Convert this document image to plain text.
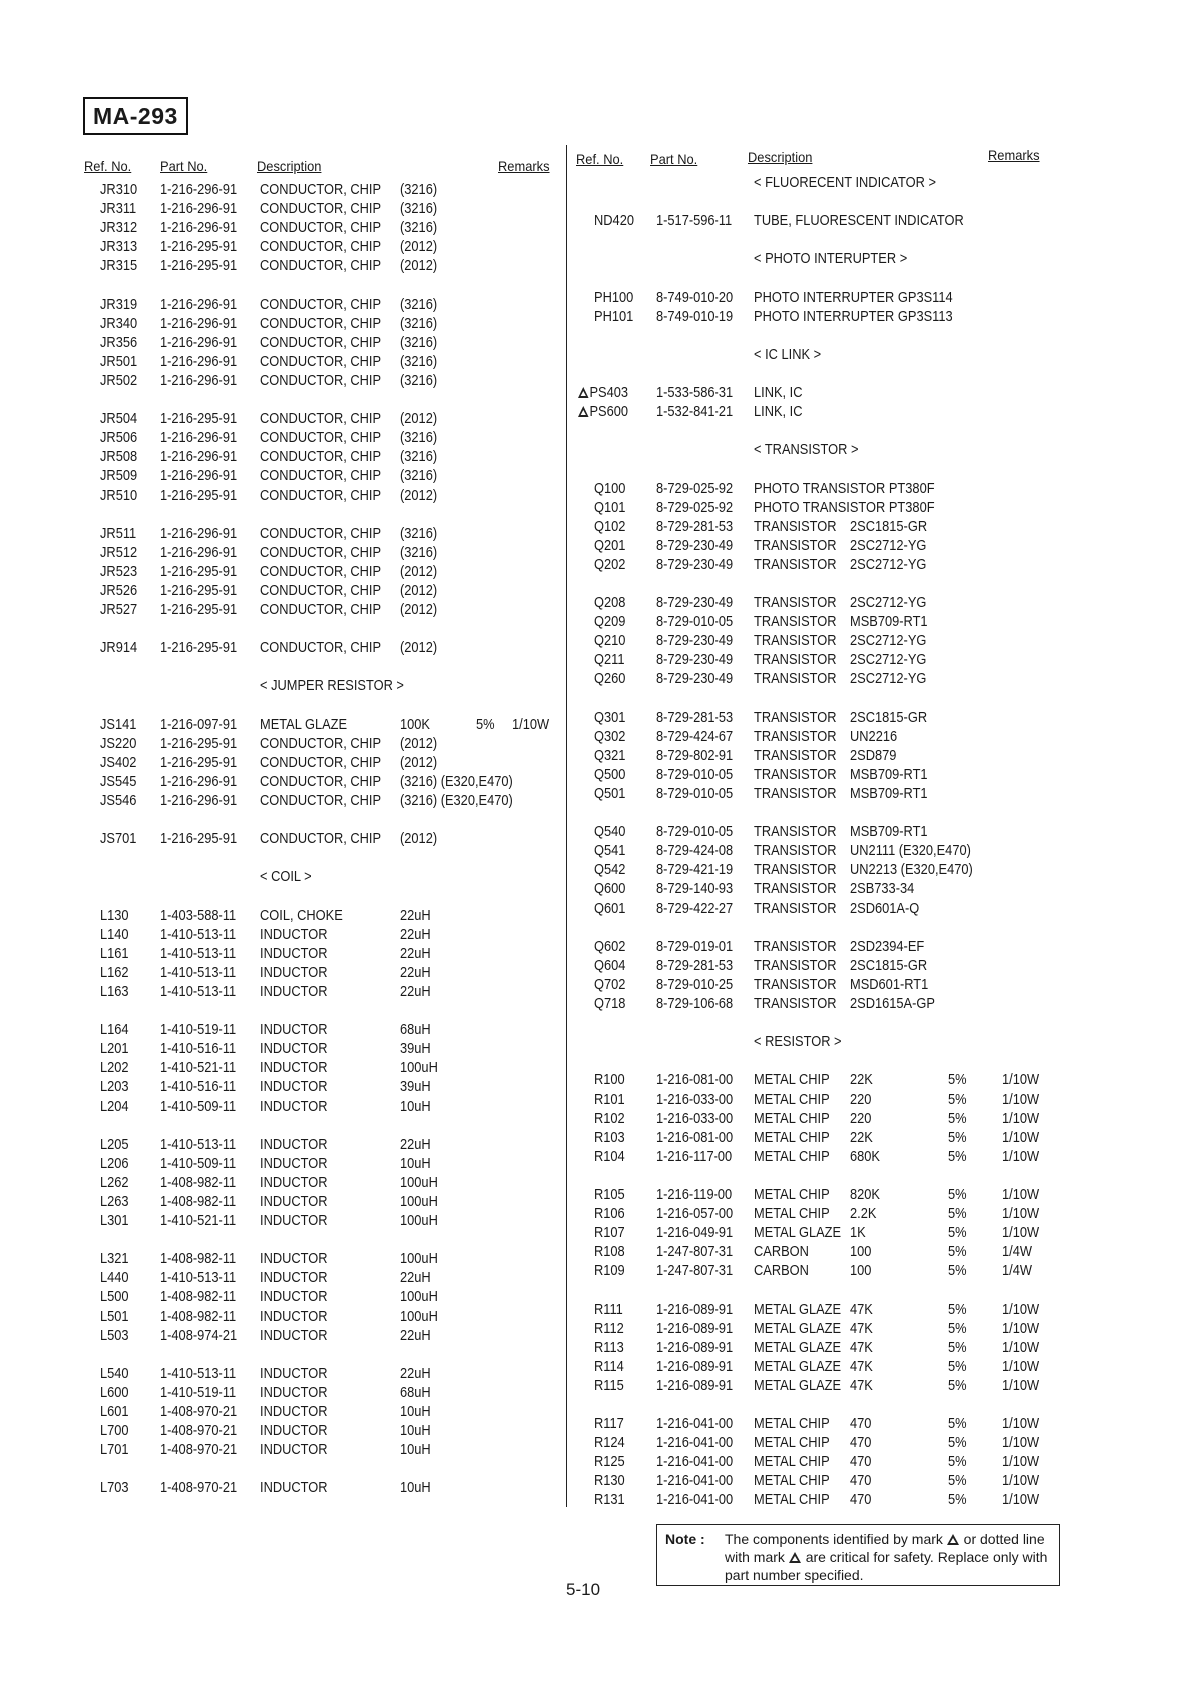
MA-293
Ref. No. Part No.	Description	Remarks
JR310 1-216-296-91 CONDUCTOR, CHIP (3216)
JR311 1-216-296-91 CONDUCTOR, CHIP (3216)
JR312 1-216-296-91 CONDUCTOR, CHIP (3216)
JR313 1-216-295-91 CONDUCTOR, CHIP (2012)
JR315 1-216-295-91 CONDUCTOR, CHIP (2012)
JR319 1-216-296-91 CONDUCTOR, CHIP (3216)
JR340 1-216-296-91 CONDUCTOR, CHIP (3216)
JR356 1-216-296-91 CONDUCTOR, CHIP (3216)
JR501 1-216-296-91 CONDUCTOR, CHIP (3216)
JR502 1-216-296-91 CONDUCTOR, CHIP (3216)
JR504 1-216-295-91 CONDUCTOR, CHIP (2012)
JR506 1-216-296-91 CONDUCTOR, CHIP (3216)
JR508 1-216-296-91 CONDUCTOR, CHIP (3216)
JR509 1-216-296-91 CONDUCTOR, CHIP (3216)
JR510 1-216-295-91 CONDUCTOR, CHIP (2012)
JR511 1-216-296-91 CONDUCTOR, CHIP (3216)
JR512 1-216-296-91 CONDUCTOR, CHIP (3216)
JR523 1-216-295-91 CONDUCTOR, CHIP (2012)
JR526 1-216-295-91 CONDUCTOR, CHIP (2012)
JR527 1-216-295-91 CONDUCTOR, CHIP (2012)
JR914 1-216-295-91 CONDUCTOR, CHIP (2012)
< JUMPER RESISTOR >
JS141 1-216-097-91 METAL GLAZE	100K	5% 1/10W
JS220 1-216-295-91 CONDUCTOR, CHIP (2012)
JS402 1-216-295-91 CONDUCTOR, CHIP (2012)
JS545 1-216-296-91 CONDUCTOR, CHIP (3216) (E320,E470)
JS546 1-216-296-91 CONDUCTOR, CHIP (3216) (E320,E470)
JS701 1-216-295-91 CONDUCTOR, CHIP (2012)
< COIL >
L130 1-403-588-11 COIL, CHOKE	22uH
L140 1-410-513-11 INDUCTOR	22uH
L161 1-410-513-11 INDUCTOR	22uH
L162 1-410-513-11 INDUCTOR	22uH
L163 1-410-513-11 INDUCTOR	22uH
L164 1-410-519-11 INDUCTOR	68uH
L201 1-410-516-11 INDUCTOR	39uH
L202 1-410-521-11 INDUCTOR	100uH
L203 1-410-516-11 INDUCTOR	39uH
L204 1-410-509-11 INDUCTOR	10uH
L205 1-410-513-11 INDUCTOR	22uH
L206 1-410-509-11 INDUCTOR	10uH
L262 1-408-982-11 INDUCTOR	100uH
L263 1-408-982-11 INDUCTOR	100uH
L301 1-410-521-11 INDUCTOR	100uH
L321 1-408-982-11 INDUCTOR	100uH
L440 1-410-513-11 INDUCTOR	22uH
L500 1-408-982-11 INDUCTOR	100uH
L501 1-408-982-11 INDUCTOR	100uH
L503 1-408-974-21 INDUCTOR	22uH
L540 1-410-513-11 INDUCTOR	22uH
L600 1-410-519-11 INDUCTOR	68uH
L601 1-408-970-21 INDUCTOR	10uH
L700 1-408-970-21 INDUCTOR	10uH
L701 1-408-970-21 INDUCTOR	10uH
L703 1-408-970-21 INDUCTOR	10uH
Ref. No. Part No.	Description	Remarks
< FLUORECENT INDICATOR >
ND420 1-517-596-11 TUBE, FLUORESCENT INDICATOR
< PHOTO INTERUPTER >
PH100 8-749-010-20 PHOTO INTERRUPTER GP3S114
PH101 8-749-010-19 PHOTO INTERRUPTER GP3S113
< IC LINK >
PS403 1-533-586-31 LINK, IC
PS600 1-532-841-21 LINK, IC
< TRANSISTOR >
Q100 8-729-025-92 PHOTO TRANSISTOR PT380F
Q101 8-729-025-92 PHOTO TRANSISTOR PT380F
Q102 8-729-281-53 TRANSISTOR 2SC1815-GR
Q201 8-729-230-49 TRANSISTOR 2SC2712-YG
Q202 8-729-230-49 TRANSISTOR 2SC2712-YG
Q208 8-729-230-49 TRANSISTOR 2SC2712-YG
Q209 8-729-010-05 TRANSISTOR MSB709-RT1
Q210 8-729-230-49 TRANSISTOR 2SC2712-YG
Q211 8-729-230-49 TRANSISTOR 2SC2712-YG
Q260 8-729-230-49 TRANSISTOR 2SC2712-YG
Q301 8-729-281-53 TRANSISTOR 2SC1815-GR
Q302 8-729-424-67 TRANSISTOR UN2216
Q321 8-729-802-91 TRANSISTOR 2SD879
Q500 8-729-010-05 TRANSISTOR MSB709-RT1
Q501 8-729-010-05 TRANSISTOR MSB709-RT1
Q540 8-729-010-05 TRANSISTOR MSB709-RT1
Q541 8-729-424-08 TRANSISTOR UN2111 (E320,E470)
Q542 8-729-421-19 TRANSISTOR UN2213 (E320,E470)
Q600 8-729-140-93 TRANSISTOR 2SB733-34
Q601 8-729-422-27 TRANSISTOR 2SD601A-Q
Q602 8-729-019-01 TRANSISTOR 2SD2394-EF
Q604 8-729-281-53 TRANSISTOR 2SC1815-GR
Q702 8-729-010-25 TRANSISTOR MSD601-RT1
Q718 8-729-106-68 TRANSISTOR 2SD1615A-GP
< RESISTOR >
R100 1-216-081-00 METAL CHIP 22K	5% 1/10W
R101 1-216-033-00 METAL CHIP 220	5% 1/10W
R102 1-216-033-00 METAL CHIP 220	5% 1/10W
R103 1-216-081-00 METAL CHIP 22K	5% 1/10W
R104 1-216-117-00 METAL CHIP 680K	5% 1/10W
R105 1-216-119-00 METAL CHIP 820K	5% 1/10W
R106 1-216-057-00 METAL CHIP 2.2K	5% 1/10W
R107 1-216-049-91 METAL GLAZE 1K	5% 1/10W
R108 1-247-807-31 CARBON	100	5% 1/4W
R109 1-247-807-31 CARBON	100	5% 1/4W
R111 1-216-089-91 METAL GLAZE 47K	5% 1/10W
R112 1-216-089-91 METAL GLAZE 47K	5% 1/10W
R113 1-216-089-91 METAL GLAZE 47K	5% 1/10W
R114 1-216-089-91 METAL GLAZE 47K	5% 1/10W
R115 1-216-089-91 METAL GLAZE 47K	5% 1/10W
R117 1-216-041-00 METAL CHIP 470	5% 1/10W
R124 1-216-041-00 METAL CHIP 470	5% 1/10W
R125 1-216-041-00 METAL CHIP 470	5% 1/10W
R130 1-216-041-00 METAL CHIP 470	5% 1/10W
R131 1-216-041-00 METAL CHIP 470	5% 1/10W
Note : The components identified by mark or dotted line with mark are critical for safety. Replace only with part number specified.
5-10
